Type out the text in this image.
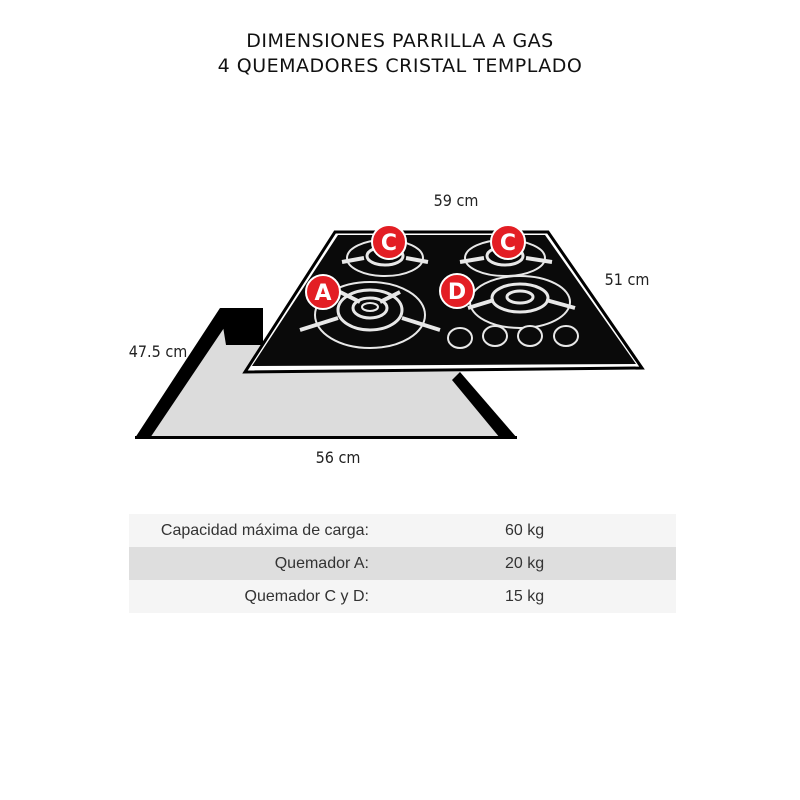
DIMENSIONES PARRILLA A GAS
4 QUEMADORES CRISTAL TEMPLADO
A
C	C
D
59 cm
51 cm
47.5 cm
56 cm
Capacidad máxima de carga:	60 kg
Quemador A:	20 kg
Quemador C y D:	15 kg
